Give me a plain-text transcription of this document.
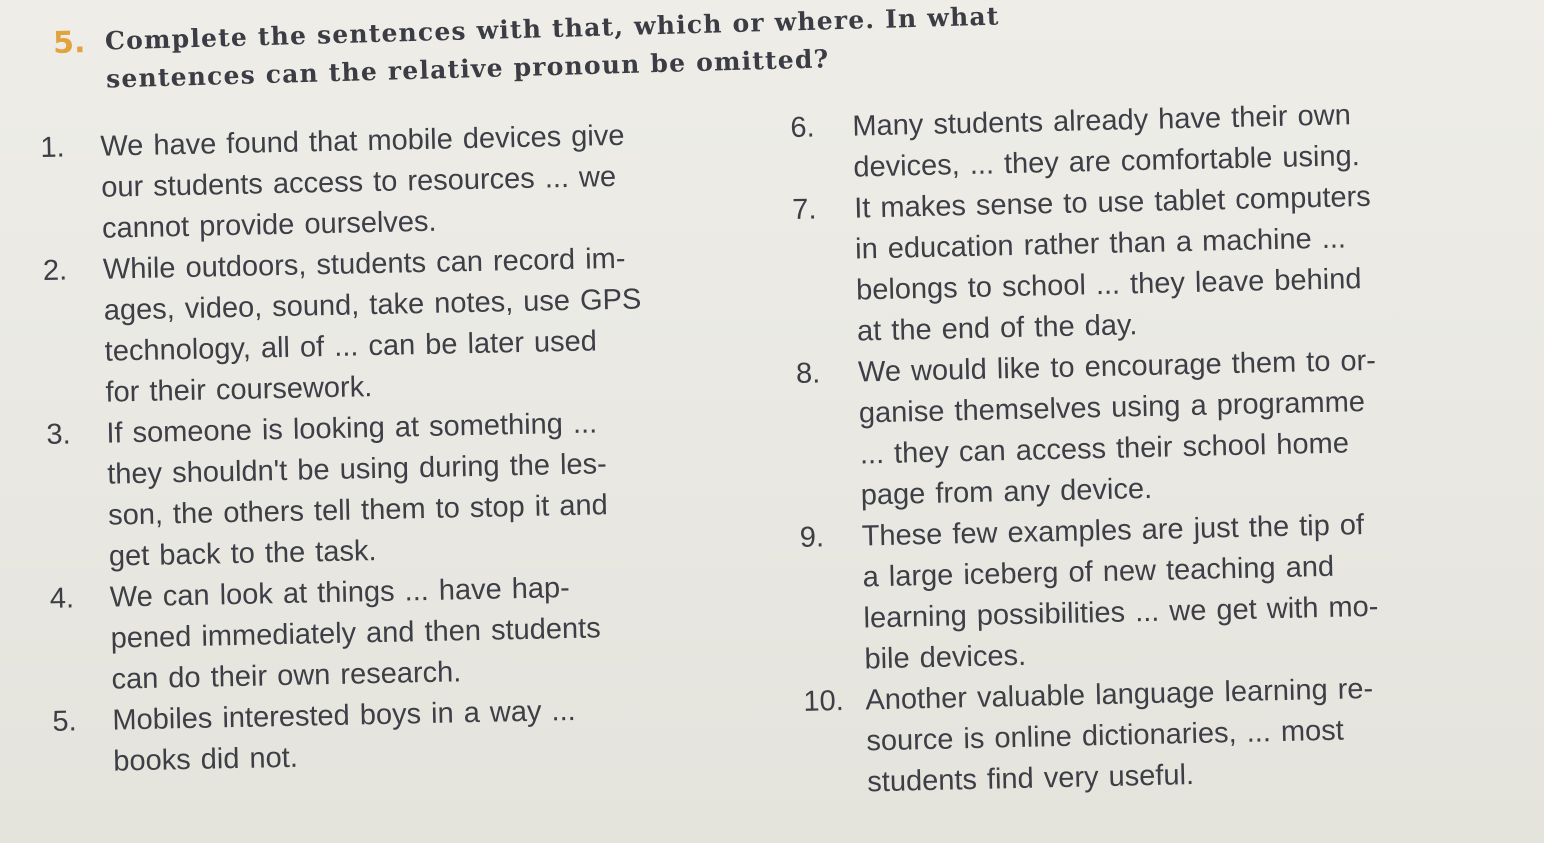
5. Complete the sentences with that, which or where. In what
sentences can the relative pronoun be omitted?
1.	We have found that mobile devices give
our students access to resources ... we
cannot provide ourselves.
2.	While outdoors, students can record im-
ages, video, sound, take notes, use GPS
technology, all of ... can be later used
for their coursework.
3.	If someone is looking at something ...
they shouldn't be using during the les-
son, the others tell them to stop it and
get back to the task.
4.	We can look at things ... have hap-
pened immediately and then students
can do their own research.
5.	Mobiles interested boys in a way ...
books did not.
6.	Many students already have their own
devices, ... they are comfortable using.
7.	It makes sense to use tablet computers
in education rather than a machine ...
belongs to school ... they leave behind
at the end of the day.
8.	We would like to encourage them to or-
ganise themselves using a programme
... they can access their school home
page from any device.
9.	These few examples are just the tip of
a large iceberg of new teaching and
learning possibilities ... we get with mo-
bile devices.
10. Another valuable language learning re-
source is online dictionaries, ... most
students find very useful.
